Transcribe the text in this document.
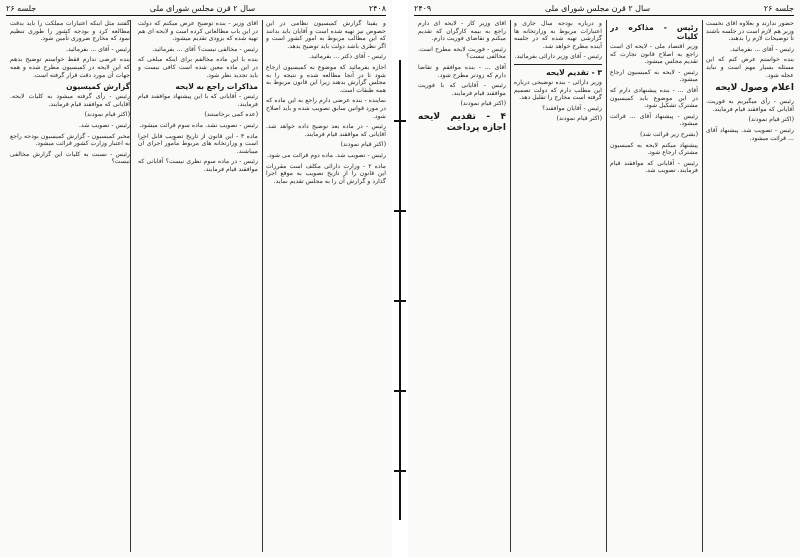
۲۴۰۸
سال ۲ قرن مجلس شورای ملی
جلسه ۲۶

و یقیناً گزارش کمیسیون نظامی در این خصوص نیز تهیه شده است و آقایان باید بدانند که این مطالب مربوط به امور کشور است و اگر نظری باشد دولت باید توضیح بدهد.

رئیس - آقای دکتر ... بفرمائید.

اجازه بفرمائید که موضوع به کمیسیون ارجاع شود تا در آنجا مطالعه شده و نتیجه را به مجلس گزارش بدهند زیرا این قانون مربوط به همه طبقات است.

نماینده - بنده عرضی دارم راجع به این ماده که در مورد قوانین سابق تصویب شده و باید اصلاح شود.

رئیس - در ماده بعد توضیح داده خواهد شد. آقایانی که موافقند قیام فرمایند.

(اکثر قیام نمودند)

رئیس - تصویب شد. ماده دوم قرائت می شود.

ماده ۲ - وزارت دارائی مکلف است مقررات این قانون را از تاریخ تصویب به موقع اجرا گذارد و گزارش آن را به مجلس تقدیم نماید.

آقای وزیر - بنده توضیح عرض میکنم که دولت در این باب مطالعاتی کرده است و لایحه ای هم تهیه شده که بزودی تقدیم میشود.

رئیس - مخالفی نیست؟ آقای ... بفرمائید.

بنده با این ماده مخالفم برای اینکه مبلغی که در این ماده معین شده است کافی نیست و باید تجدید نظر شود.

مذاکرات راجع به لایحه

رئیس - آقایانی که با این پیشنهاد موافقند قیام فرمایند.

(عده کمی برخاستند)

رئیس - تصویب نشد. ماده سوم قرائت میشود.

ماده ۳ - این قانون از تاریخ تصویب قابل اجرا است و وزارتخانه های مربوط مأمور اجرای آن میباشند.

رئیس - در ماده سوم نظری نیست؟ آقایانی که موافقند قیام فرمایند.

گفتند مثل اینکه اعتبارات مملکت را باید بدقت مطالعه کرد و بودجه کشور را طوری تنظیم نمود که مخارج ضروری تأمین شود.

رئیس - آقای ... بفرمائید.

بنده عرضی ندارم فقط خواستم توضیح بدهم که این لایحه در کمیسیون مطرح شده و همه جهات آن مورد دقت قرار گرفته است.

گزارش کمیسیون

رئیس - رأی گرفته میشود به کلیات لایحه. آقایانی که موافقند قیام فرمایند.

(اکثر قیام نمودند)

رئیس - تصویب شد.

مخبر کمیسیون - گزارش کمیسیون بودجه راجع به اعتبار وزارت کشور قرائت میشود.

رئیس - نسبت به کلیات این گزارش مخالفی نیست؟

جلسه ۲۶
سال ۲ قرن مجلس شورای ملی
۲۴۰۹

حضور ندارند و بعلاوه آقای نخست وزیر هم لازم است در جلسه باشند تا توضیحات لازم را بدهند.

رئیس - آقای ... بفرمائید.

بنده خواستم عرض کنم که این مسئله بسیار مهم است و نباید عجله شود.

اعلام وصول لایحه

رئیس - رأی میگیریم به فوریت. آقایانی که موافقند قیام فرمایند.

(اکثر قیام نمودند)

رئیس - تصویب شد. پیشنهاد آقای ... قرائت میشود.

رئیس - مذاکره در کلیات

وزیر اقتصاد ملی - لایحه ای است راجع به اصلاح قانون تجارت که تقدیم مجلس میشود.

رئیس - لایحه به کمیسیون ارجاع میشود.

آقای ... - بنده پیشنهادی دارم که در این موضوع باید کمیسیون مشترک تشکیل شود.

رئیس - پیشنهاد آقای ... قرائت میشود.

(بشرح زیر قرائت شد)

پیشنهاد میکنم لایحه به کمیسیون مشترک ارجاع شود.

رئیس - آقایانی که موافقند قیام فرمایند. تصویب شد.

و درباره بودجه سال جاری و اعتبارات مربوط به وزارتخانه ها گزارشی تهیه شده که در جلسه آینده مطرح خواهد شد.

رئیس - آقای وزیر دارائی بفرمائید.

۳ - تقدیم لایحه

وزیر دارائی - بنده توضیحی درباره این مطلب دارم که دولت تصمیم گرفته است مخارج را تقلیل دهد.

رئیس - آقایان موافقند؟

(اکثر قیام نمودند)

آقای وزیر کار - لایحه ای دارم راجع به بیمه کارگران که تقدیم میکنم و تقاضای فوریت دارم.

رئیس - فوریت لایحه مطرح است. مخالفی نیست؟

آقای ... - بنده موافقم و تقاضا دارم که زودتر مطرح شود.

رئیس - آقایانی که با فوریت موافقند قیام فرمایند.

(اکثر قیام نمودند)

۴ - تقدیم لایحه اجازه پرداخت
